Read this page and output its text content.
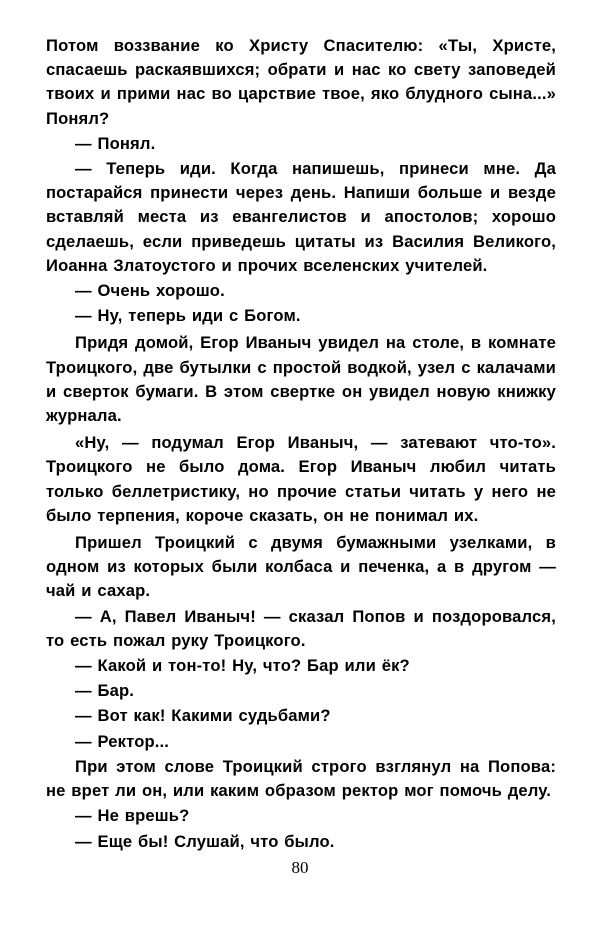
Потом воззвание ко Христу Спасителю: «Ты, Христе, спасаешь раскаявшихся; обрати и нас ко свету заповедей твоих и прими нас во царствие твое, яко блудного сына...» Понял?

— Понял.

— Теперь иди. Когда напишешь, принеси мне. Да постарайся принести через день. Напиши больше и везде вставляй места из евангелистов и апостолов; хорошо сделаешь, если приведешь цитаты из Василия Великого, Иоанна Златоустого и прочих вселенских учителей.

— Очень хорошо.

— Ну, теперь иди с Богом.

Придя домой, Егор Иваныч увидел на столе, в комнате Троицкого, две бутылки с простой водкой, узел с калачами и сверток бумаги. В этом свертке он увидел новую книжку журнала.

«Ну, — подумал Егор Иваныч, — затевают что-то». Троицкого не было дома. Егор Иваныч любил читать только беллетристику, но прочие статьи читать у него не было терпения, короче сказать, он не понимал их.

Пришел Троицкий с двумя бумажными узелками, в одном из которых были колбаса и печенка, а в другом — чай и сахар.

— А, Павел Иваныч! — сказал Попов и поздоровался, то есть пожал руку Троицкого.

— Какой и тон-то! Ну, что? Бар или ёк?

— Бар.

— Вот как! Какими судьбами?

— Ректор...

При этом слове Троицкий строго взглянул на Попова: не врет ли он, или каким образом ректор мог помочь делу.

— Не врешь?

— Еще бы! Слушай, что было.

80
